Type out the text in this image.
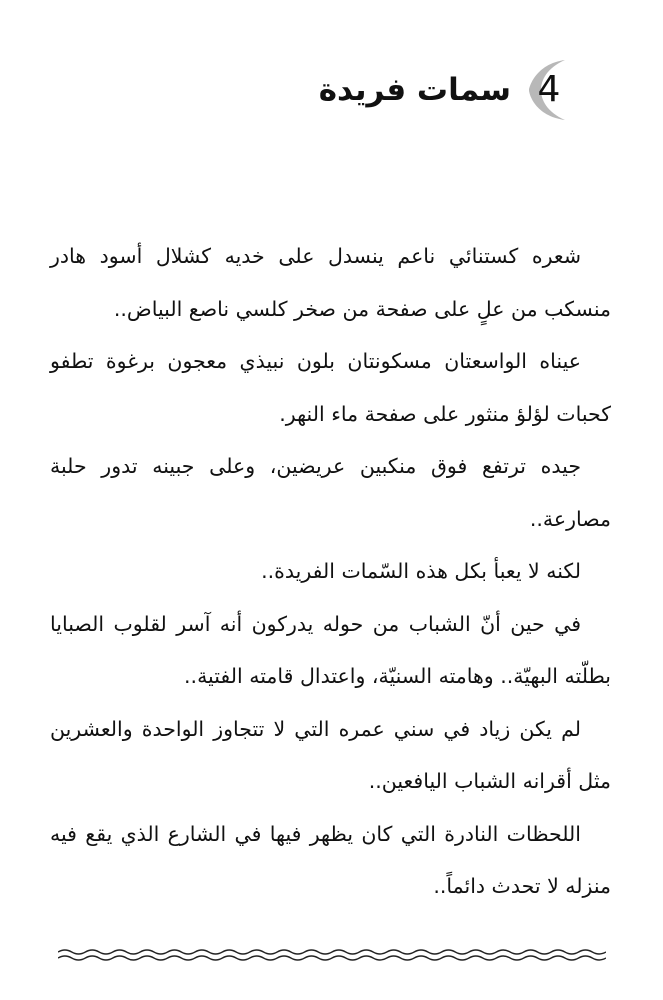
4
سمات فريدة

شعره كستنائي ناعم ينسدل على خديه كشلال أسود هادر منسكب من علٍ على صفحة من صخر كلسي ناصع البياض..

عيناه الواسعتان مسكونتان بلون نبيذي معجون برغوة تطفو كحبات لؤلؤ منثور على صفحة ماء النهر.

جيده ترتفع فوق منكبين عريضين، وعلى جبينه تدور حلبة مصارعة..

لكنه لا يعبأ بكل هذه السّمات الفريدة..

في حين أنّ الشباب من حوله يدركون أنه آسر لقلوب الصبايا بطلّته البهيّة.. وهامته السنيّة، واعتدال قامته الفتية..

لم يكن زياد في سني عمره التي لا تتجاوز الواحدة والعشرين مثل أقرانه الشباب اليافعين..

اللحظات النادرة التي كان يظهر فيها في الشارع الذي يقع فيه منزله لا تحدث دائماً..
